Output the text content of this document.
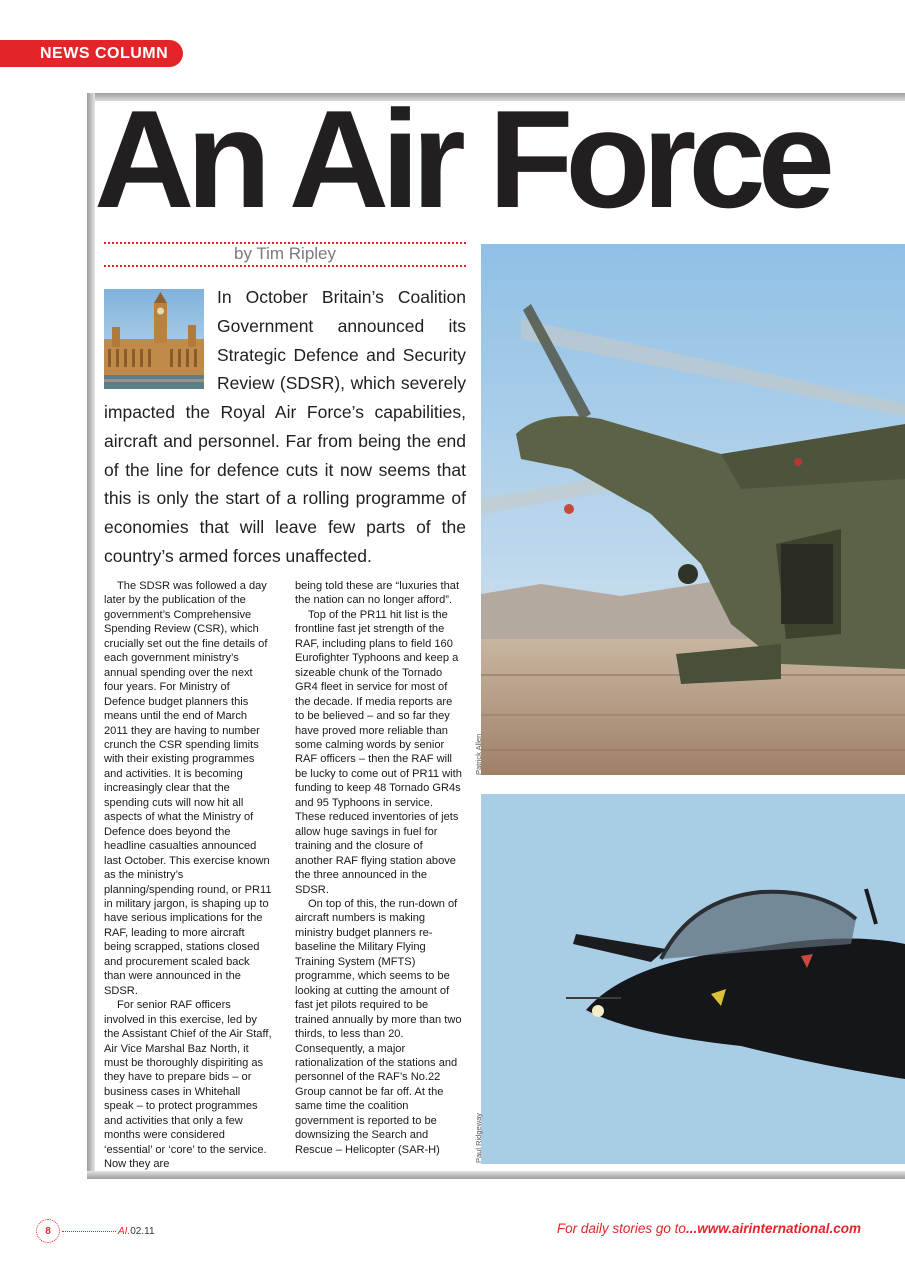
NEWS COLUMN
An Air Force
by Tim Ripley

In October Britain’s Coalition

Government announced its

Strategic Defence and Security

Review (SDSR), which severely

impacted the Royal Air Force’s capabilities, aircraft and personnel. Far from being the end of the line for defence cuts it now seems that this is only the start of a rolling programme of economies that will leave few parts of the country’s armed forces unaffected.

The SDSR was followed a day later by the publication of the government’s Comprehensive Spending Review (CSR), which crucially set out the fine details of each government ministry’s annual spending over the next four years. For Ministry of Defence budget planners this means until the end of March 2011 they are having to number crunch the CSR spending limits with their existing programmes and activities. It is becoming increasingly clear that the spending cuts will now hit all aspects of what the Ministry of Defence does beyond the headline casualties announced last October. This exercise known as the ministry’s planning/spending round, or PR11 in military jargon, is shaping up to have serious implications for the RAF, leading to more aircraft being scrapped, stations closed and procurement scaled back than were announced in the SDSR.

For senior RAF officers involved in this exercise, led by the Assistant Chief of the Air Staff, Air Vice Marshal Baz North, it must be thoroughly dispiriting as they have to prepare bids – or business cases in Whitehall speak – to protect programmes and activities that only a few months were considered ‘essential’ or ‘core’ to the service. Now they are

being told these are “luxuries that the nation can no longer afford”.

Top of the PR11 hit list is the frontline fast jet strength of the RAF, including plans to field 160 Eurofighter Typhoons and keep a sizeable chunk of the Tornado GR4 fleet in service for most of the decade. If media reports are to be believed – and so far they have proved more reliable than some calming words by senior RAF officers – then the RAF will be lucky to come out of PR11 with funding to keep 48 Tornado GR4s and 95 Typhoons in service. These reduced inventories of jets allow huge savings in fuel for training and the closure of another RAF flying station above the three announced in the SDSR.

On top of this, the run-down of aircraft numbers is making ministry budget planners re-baseline the Military Flying Training System (MFTS) programme, which seems to be looking at cutting the amount of fast jet pilots required to be trained annually by more than two thirds, to less than 20. Consequently, a major rationalization of the stations and personnel of the RAF’s No.22 Group cannot be far off. At the same time the coalition government is reported to be downsizing the Search and Rescue – Helicopter (SAR-H)

Patrick Allen
Paul Ridgeway
8	AI.02.11	For daily stories go to...www.airinternational.com
